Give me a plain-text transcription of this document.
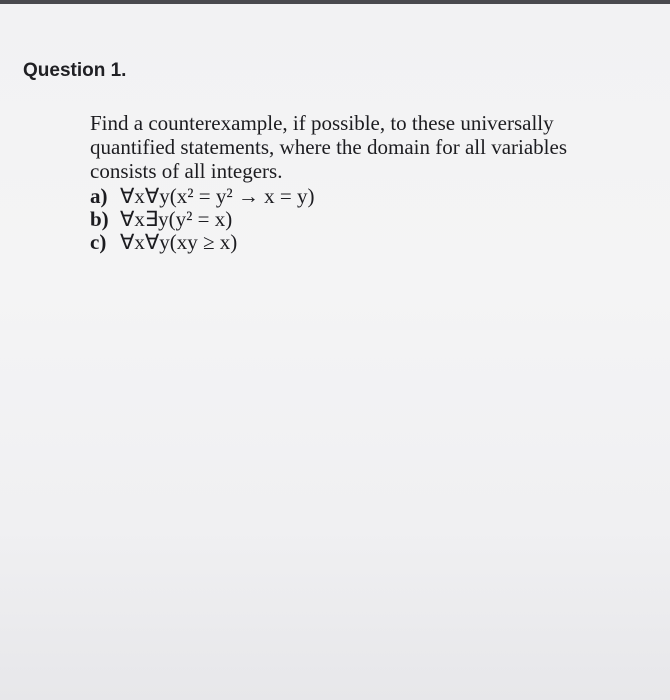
Question 1.
Find a counterexample, if possible, to these universally
quantified statements, where the domain for all variables
consists of all integers.
a) ∀x∀y(x² = y² → x = y)
b) ∀x∃y(y² = x)
c) ∀x∀y(xy ≥ x)
